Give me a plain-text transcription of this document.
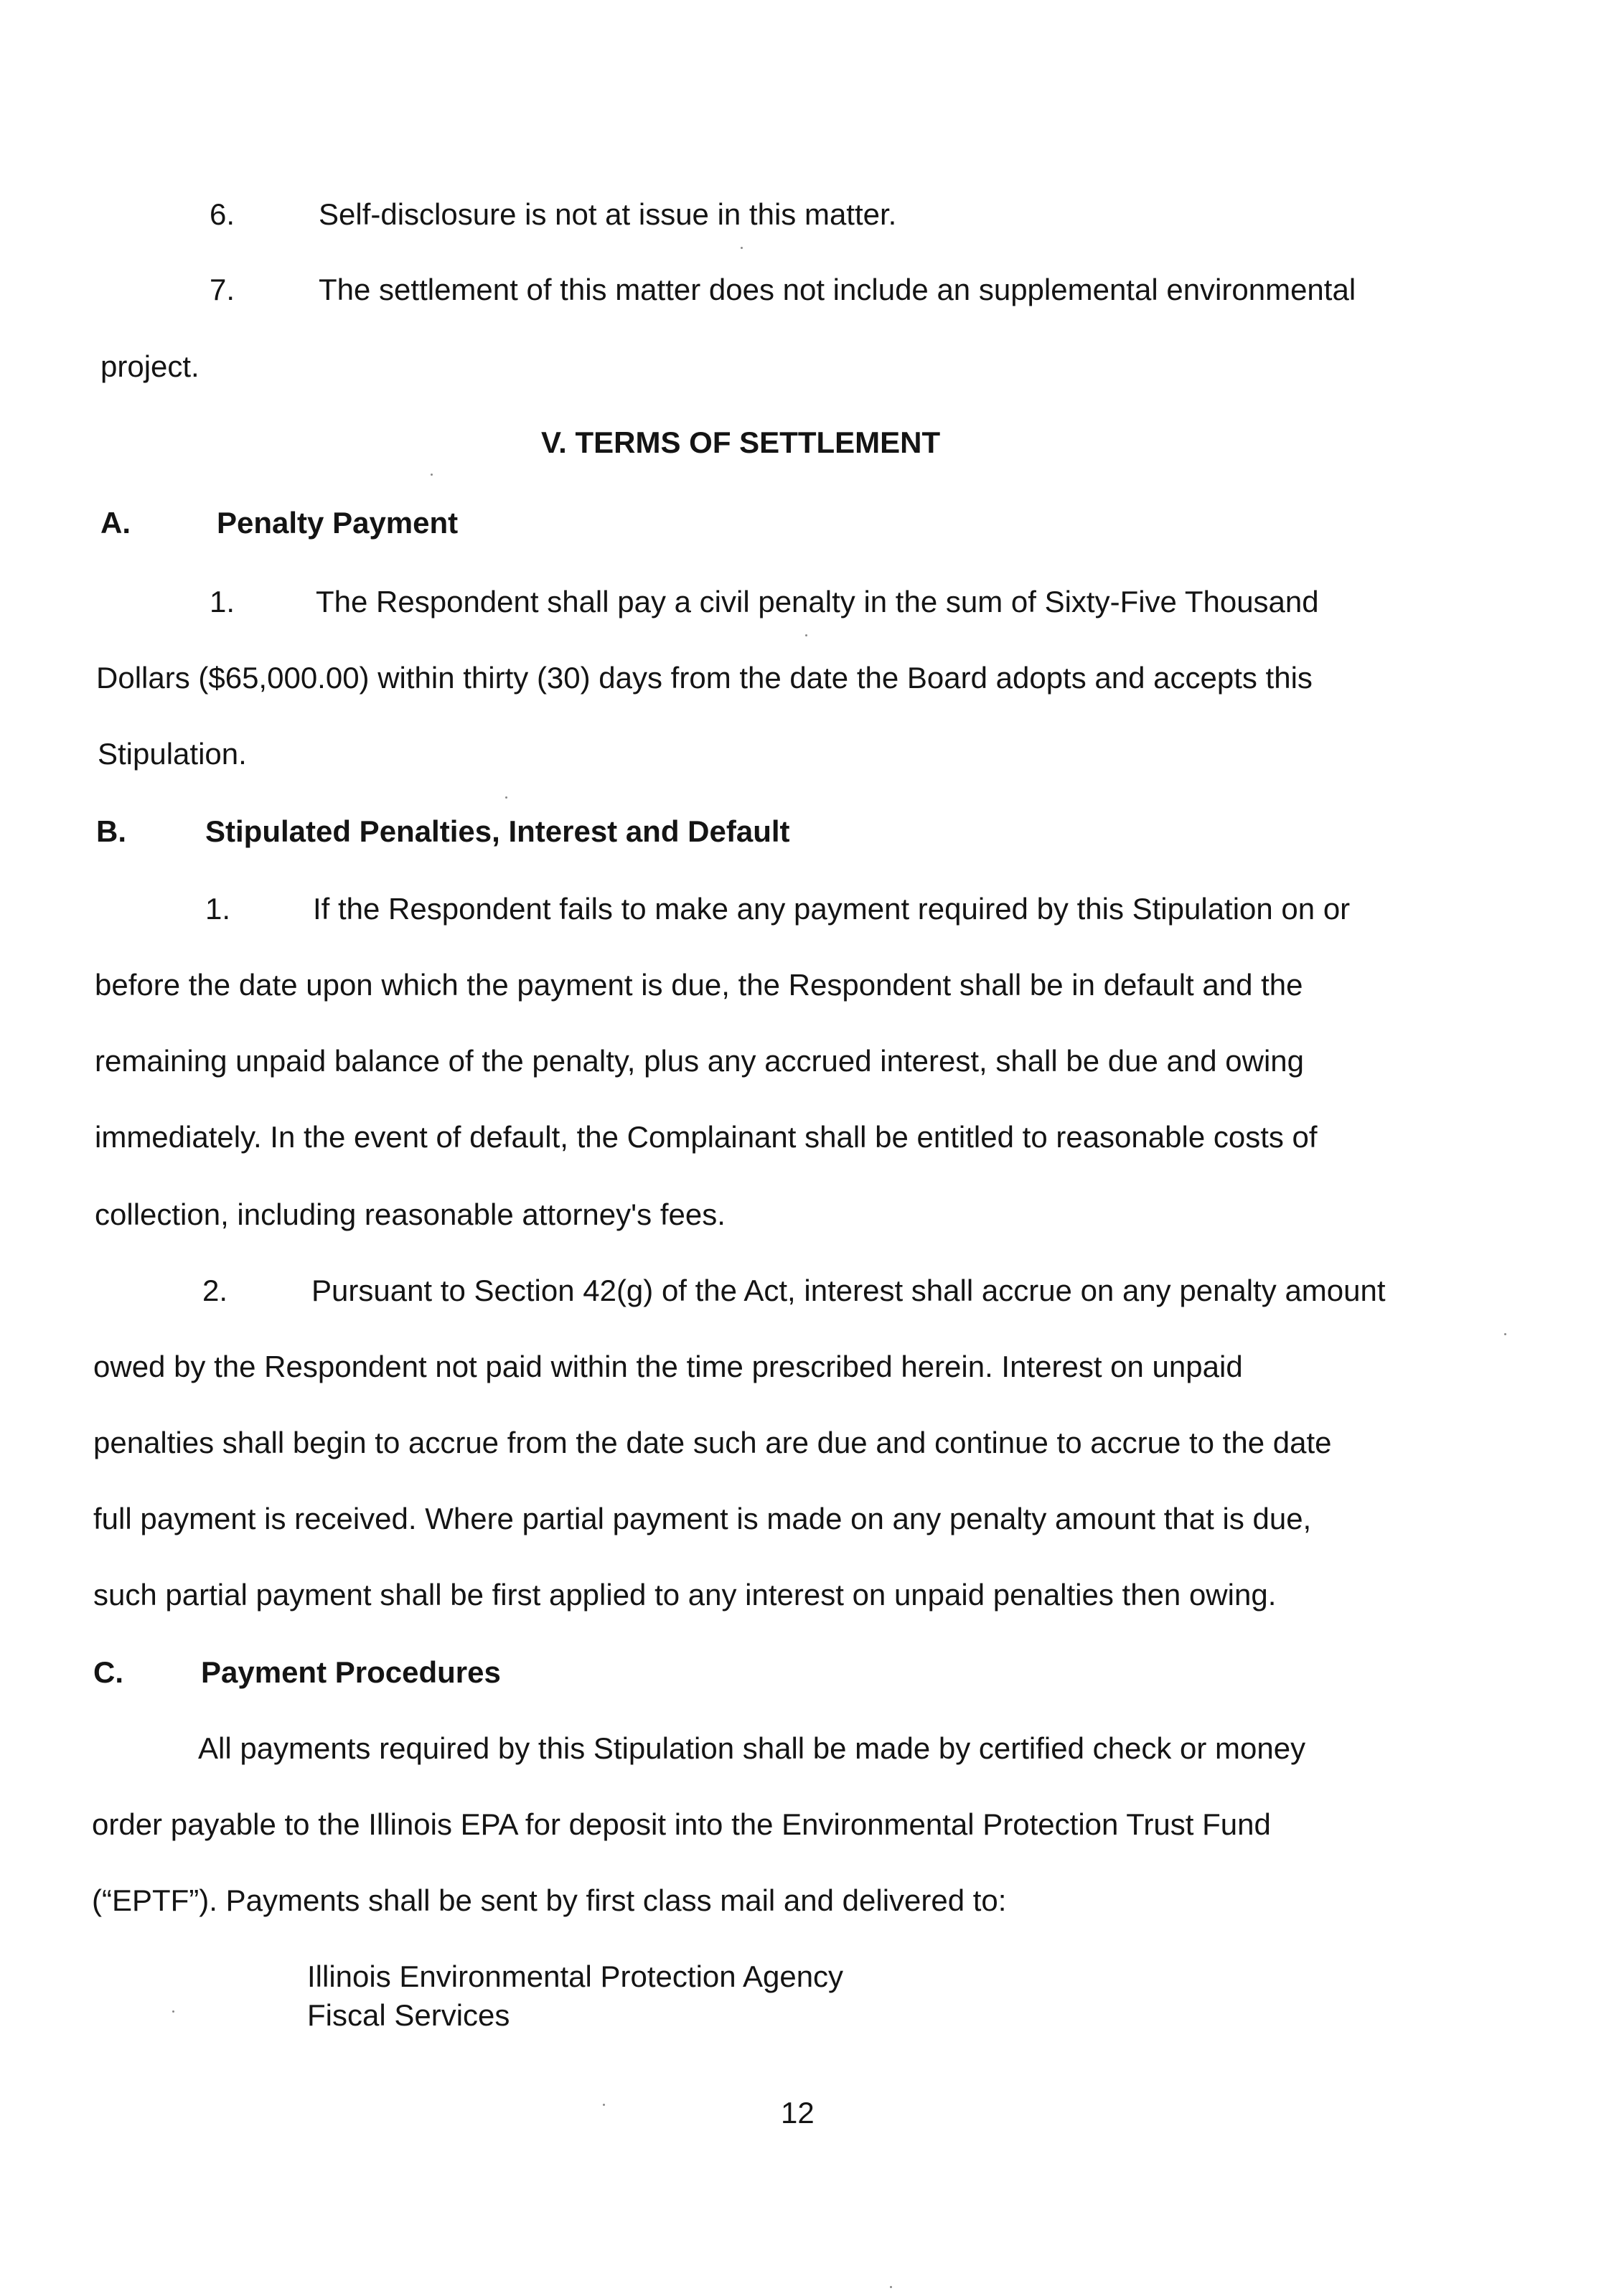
6.	Self-disclosure is not at issue in this matter.
7.	The settlement of this matter does not include an supplemental environmental
project.
V. TERMS OF SETTLEMENT
A.	Penalty Payment
1.	The Respondent shall pay a civil penalty in the sum of Sixty-Five Thousand
Dollars ($65,000.00) within thirty (30) days from the date the Board adopts and accepts this
Stipulation.
B.	Stipulated Penalties, Interest and Default
1.	If the Respondent fails to make any payment required by this Stipulation on or
before the date upon which the payment is due, the Respondent shall be in default and the
remaining unpaid balance of the penalty, plus any accrued interest, shall be due and owing
immediately. In the event of default, the Complainant shall be entitled to reasonable costs of
collection, including reasonable attorney's fees.
2.	Pursuant to Section 42(g) of the Act, interest shall accrue on any penalty amount
owed by the Respondent not paid within the time prescribed herein. Interest on unpaid
penalties shall begin to accrue from the date such are due and continue to accrue to the date
full payment is received. Where partial payment is made on any penalty amount that is due,
such partial payment shall be first applied to any interest on unpaid penalties then owing.
C.	Payment Procedures
All payments required by this Stipulation shall be made by certified check or money
order payable to the Illinois EPA for deposit into the Environmental Protection Trust Fund
(“EPTF”). Payments shall be sent by first class mail and delivered to:
Illinois Environmental Protection Agency
Fiscal Services
12
